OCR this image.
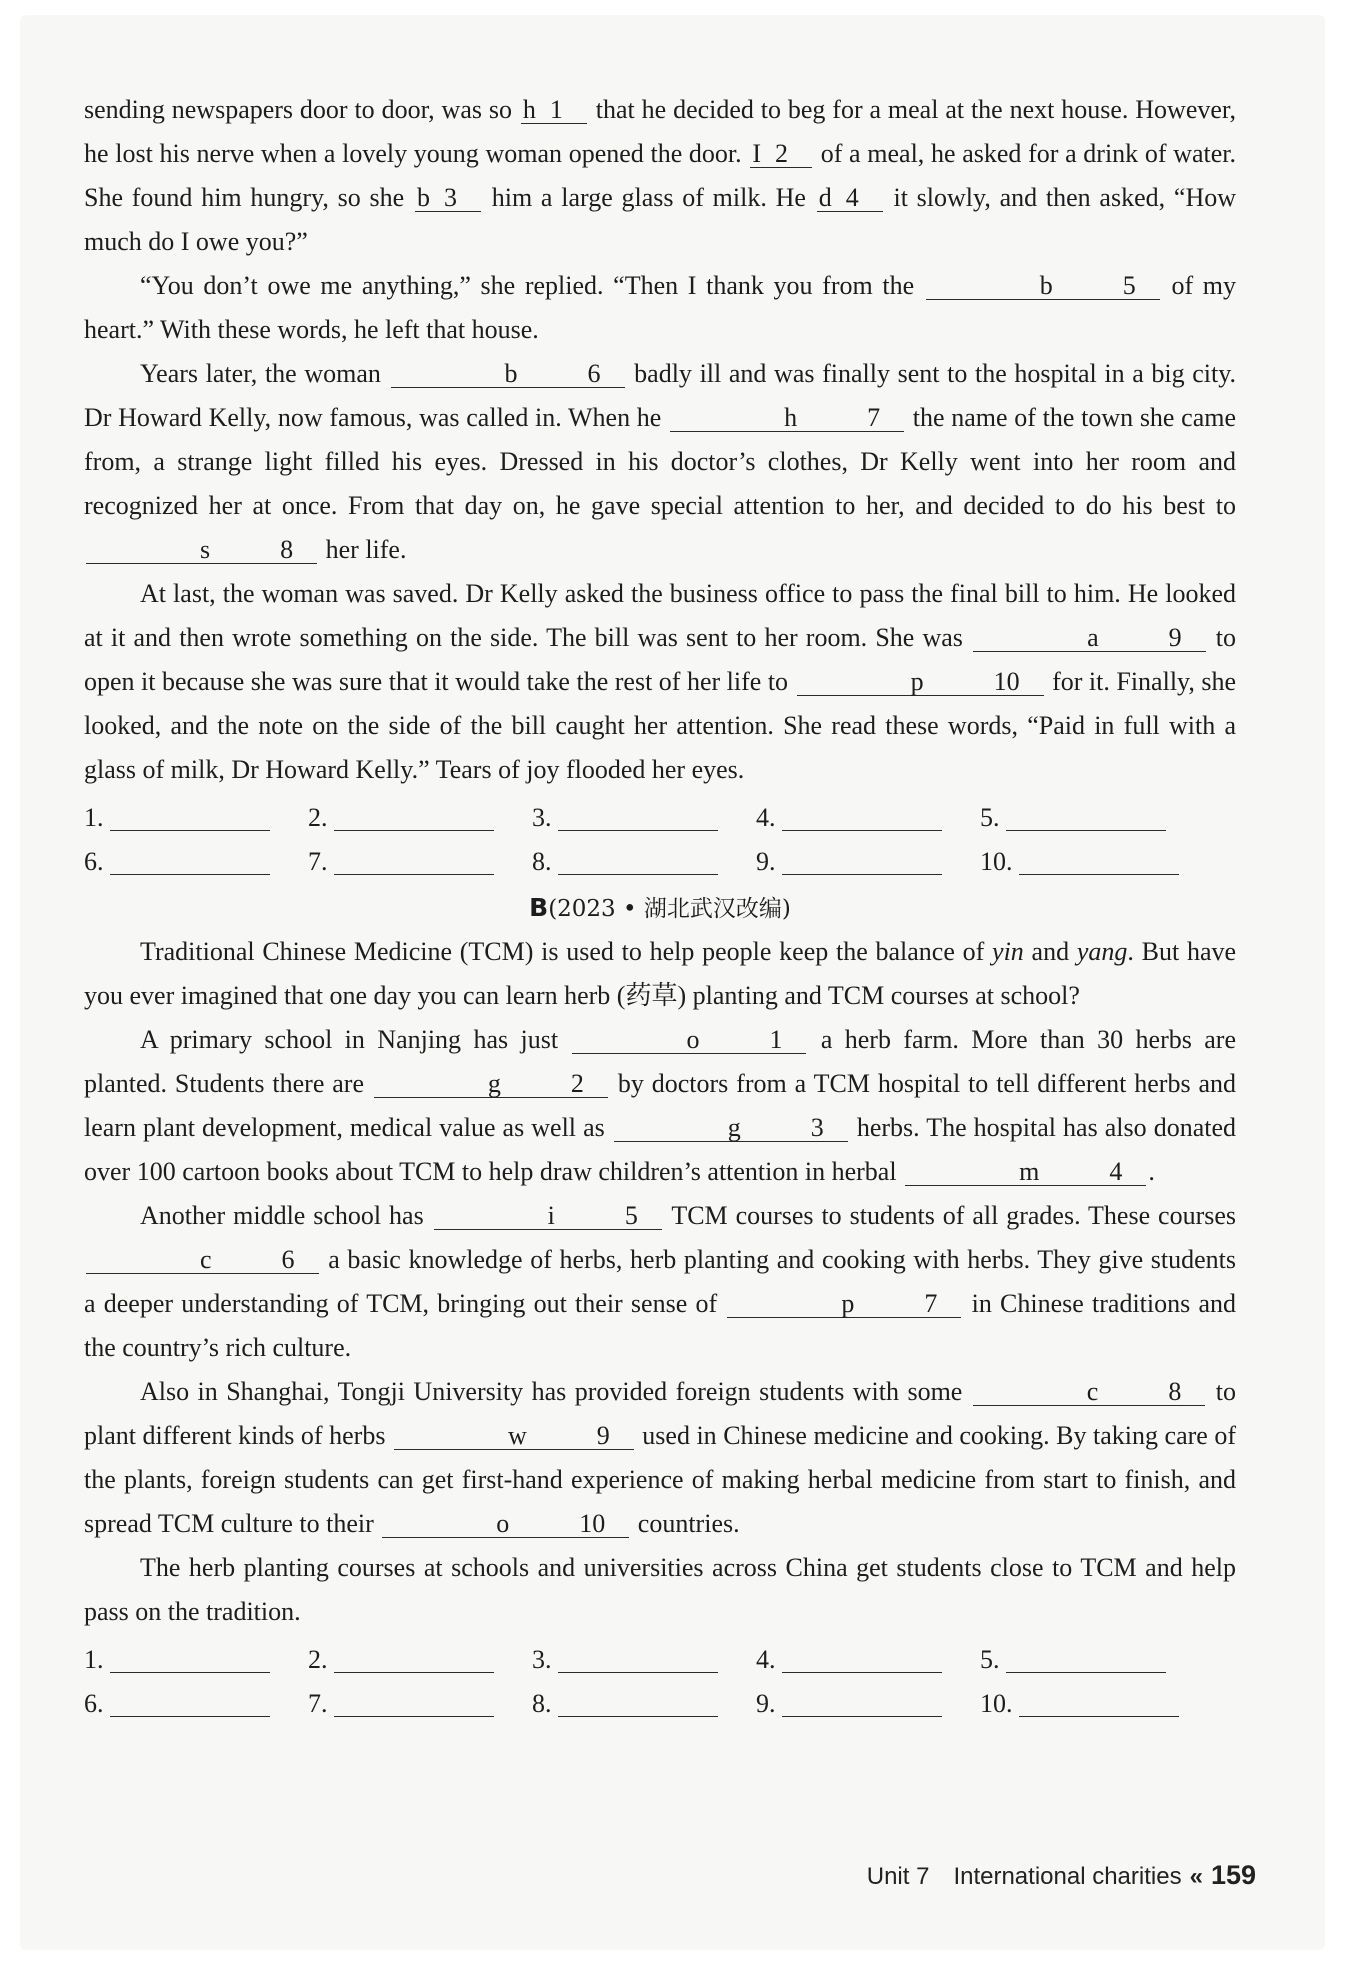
sending newspapers door to door, was so h 1 that he decided to beg for a meal at the next house. However, he lost his nerve when a lovely young woman opened the door. I 2 of a meal, he asked for a drink of water. She found him hungry, so she b 3 him a large glass of milk. He d 4 it slowly, and then asked, “How much do I owe you?”

“You don’t owe me anything,” she replied. “Then I thank you from the	b	5 of my heart.” With these words, he left that house.

Years later, the woman	b	6 badly ill and was finally sent to the hospital in a big city. Dr Howard Kelly, now famous, was called in. When he	h	7 the name of the town she came from, a strange light filled his eyes. Dressed in his doctor’s clothes, Dr Kelly went into her room and recognized her at once. From that day on, he gave special attention to her, and decided to do his best to s	8 her life.

At last, the woman was saved. Dr Kelly asked the business office to pass the final bill to him. He looked at it and then wrote something on the side. The bill was sent to her room. She was	a	9 to open it because she was sure that it would take the rest of her life to	p	10 for it. Finally, she looked, and the note on the side of the bill caught her attention. She read these words, “Paid in full with a glass of milk, Dr Howard Kelly.” Tears of joy flooded her eyes.

1.	2.	3.	4.	5.
6.	7.	8.	9.	10.
B(2023 • 湖北武汉改编)

Traditional Chinese Medicine (TCM) is used to help people keep the balance of yin and yang. But have you ever imagined that one day you can learn herb (药草) planting and TCM courses at school?

A primary school in Nanjing has just	o	1 a herb farm. More than 30 herbs are planted. Students there are	g	2 by doctors from a TCM hospital to tell different herbs and learn plant development, medical value as well as	g	3 herbs. The hospital has also donated over 100 cartoon books about TCM to help draw children’s attention in herbal	m	4 .

Another middle school has	i	5 TCM courses to students of all grades. These courses c	6 a basic knowledge of herbs, herb planting and cooking with herbs. They give students a deeper understanding of TCM, bringing out their sense of	p	7 in Chinese traditions and the country’s rich culture.

Also in Shanghai, Tongji University has provided foreign students with some	c	8 to plant different kinds of herbs	w	9 used in Chinese medicine and cooking. By taking care of the plants, foreign students can get first-hand experience of making herbal medicine from start to finish, and spread TCM culture to their	o	10 countries.

The herb planting courses at schools and universities across China get students close to TCM and help pass on the tradition.

1.	2.	3.	4.	5.
6.	7.	8.	9.	10.
Unit 7 International charities « 159
